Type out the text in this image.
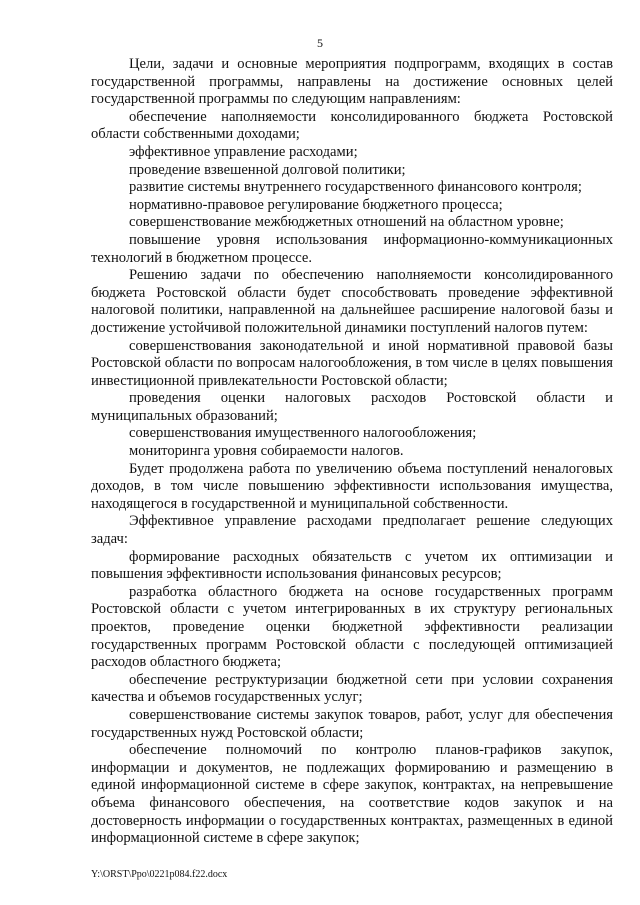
5

Цели, задачи и основные мероприятия подпрограмм, входящих в состав государственной программы, направлены на достижение основных целей государственной программы по следующим направлениям:

обеспечение наполняемости консолидированного бюджета Ростовской области собственными доходами;

эффективное управление расходами;

проведение взвешенной долговой политики;

развитие системы внутреннего государственного финансового контроля;

нормативно-правовое регулирование бюджетного процесса;

совершенствование межбюджетных отношений на областном уровне;

повышение уровня использования информационно-коммуникационных технологий в бюджетном процессе.

Решению задачи по обеспечению наполняемости консолидированного бюджета Ростовской области будет способствовать проведение эффективной налоговой политики, направленной на дальнейшее расширение налоговой базы и достижение устойчивой положительной динамики поступлений налогов путем:

совершенствования законодательной и иной нормативной правовой базы Ростовской области по вопросам налогообложения, в том числе в целях повышения инвестиционной привлекательности Ростовской области;

проведения оценки налоговых расходов Ростовской области и муниципальных образований;

совершенствования имущественного налогообложения;

мониторинга уровня собираемости налогов.

Будет продолжена работа по увеличению объема поступлений неналоговых доходов, в том числе повышению эффективности использования имущества, находящегося в государственной и муниципальной собственности.

Эффективное управление расходами предполагает решение следующих задач:

формирование расходных обязательств с учетом их оптимизации и повышения эффективности использования финансовых ресурсов;

разработка областного бюджета на основе государственных программ Ростовской области с учетом интегрированных в их структуру региональных проектов, проведение оценки бюджетной эффективности реализации государственных программ Ростовской области с последующей оптимизацией расходов областного бюджета;

обеспечение реструктуризации бюджетной сети при условии сохранения качества и объемов государственных услуг;

совершенствование системы закупок товаров, работ, услуг для обеспечения государственных нужд Ростовской области;

обеспечение полномочий по контролю планов-графиков закупок, информации и документов, не подлежащих формированию и размещению в единой информационной системе в сфере закупок, контрактах, на непревышение объема финансового обеспечения, на соответствие кодов закупок и на достоверность информации о государственных контрактах, размещенных в единой информационной системе в сфере закупок;

Y:\ORST\Ppo\0221p084.f22.docx
